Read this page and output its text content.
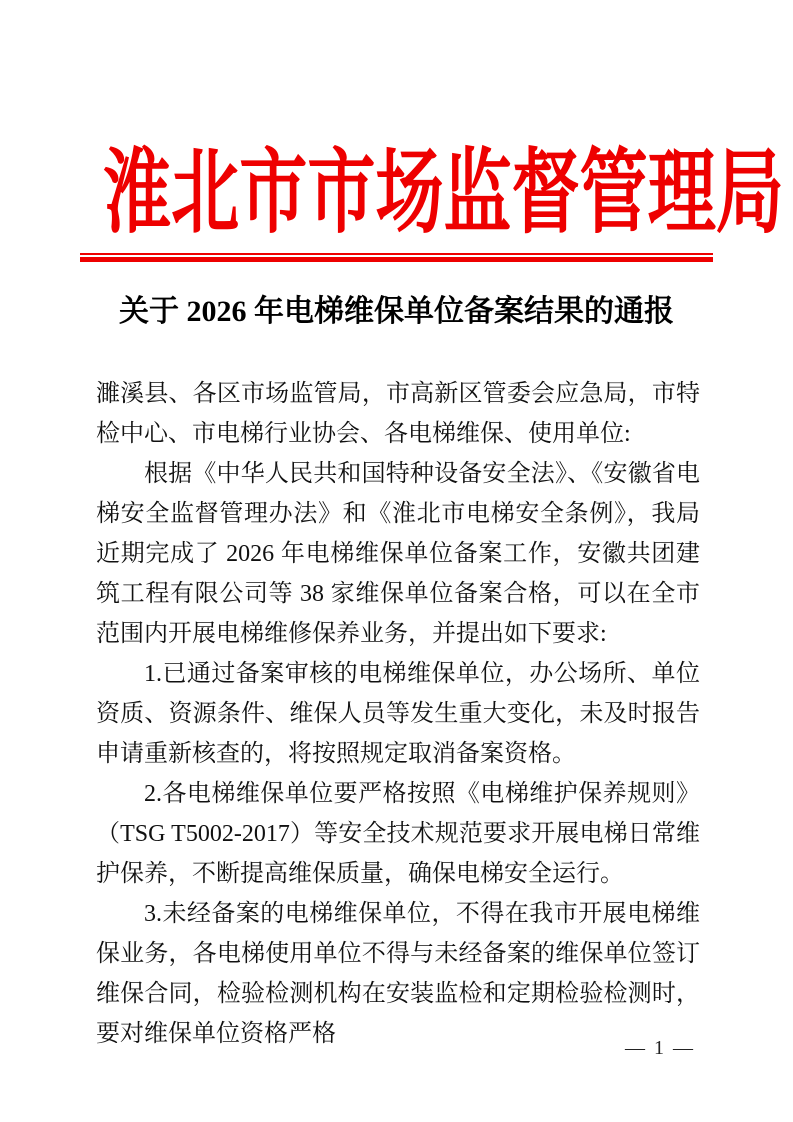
淮北市市场监督管理局
关于 2026 年电梯维保单位备案结果的通报

濉溪县、各区市场监管局，市高新区管委会应急局，市特检中心、市电梯行业协会、各电梯维保、使用单位:

根据《中华人民共和国特种设备安全法》、《安徽省电梯安全监督管理办法》和《淮北市电梯安全条例》，我局近期完成了 2026 年电梯维保单位备案工作，安徽共团建筑工程有限公司等 38 家维保单位备案合格，可以在全市范围内开展电梯维修保养业务，并提出如下要求:

1.已通过备案审核的电梯维保单位，办公场所、单位资质、资源条件、维保人员等发生重大变化，未及时报告申请重新核查的，将按照规定取消备案资格。

2.各电梯维保单位要严格按照《电梯维护保养规则》（TSG T5002-2017）等安全技术规范要求开展电梯日常维护保养，不断提高维保质量，确保电梯安全运行。

3.未经备案的电梯维保单位，不得在我市开展电梯维保业务，各电梯使用单位不得与未经备案的维保单位签订维保合同，检验检测机构在安装监检和定期检验检测时，要对维保单位资格严格

— 1 —
